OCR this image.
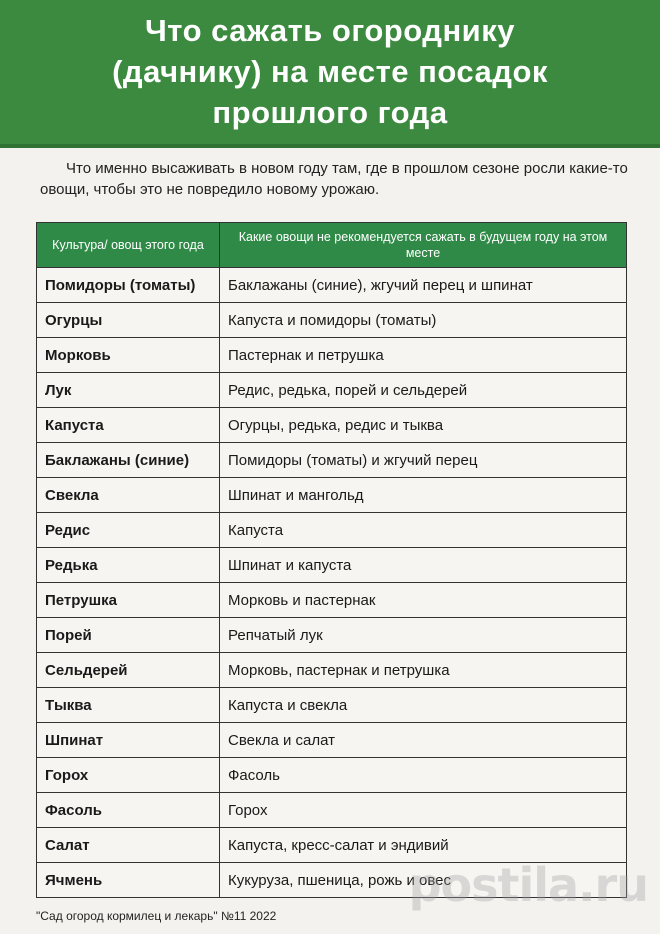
Что сажать огороднику
(дачнику) на месте посадок
прошлого года

Что именно высаживать в новом году там, где в прошлом сезоне росли какие-то овощи, чтобы это не повредило новому урожаю.

Культура/ овощ этого года	Какие овощи не рекомендуется сажать в будущем году на этом месте
Помидоры (томаты)	Баклажаны (синие), жгучий перец и шпинат
Огурцы	Капуста и помидоры (томаты)
Морковь	Пастернак и петрушка
Лук	Редис, редька, порей и сельдерей
Капуста	Огурцы, редька, редис и тыква
Баклажаны (синие)	Помидоры (томаты) и жгучий перец
Свекла	Шпинат и мангольд
Редис	Капуста
Редька	Шпинат и капуста
Петрушка	Морковь и пастернак
Порей	Репчатый лук
Сельдерей	Морковь, пастернак и петрушка
Тыква	Капуста и свекла
Шпинат	Свекла и салат
Горох	Фасоль
Фасоль	Горох
Салат	Капуста, кресс-салат и эндивий
Ячмень	Кукуруза, пшеница, рожь и овес
"Сад огород кормилец и лекарь" №11 2022
postila.ru
